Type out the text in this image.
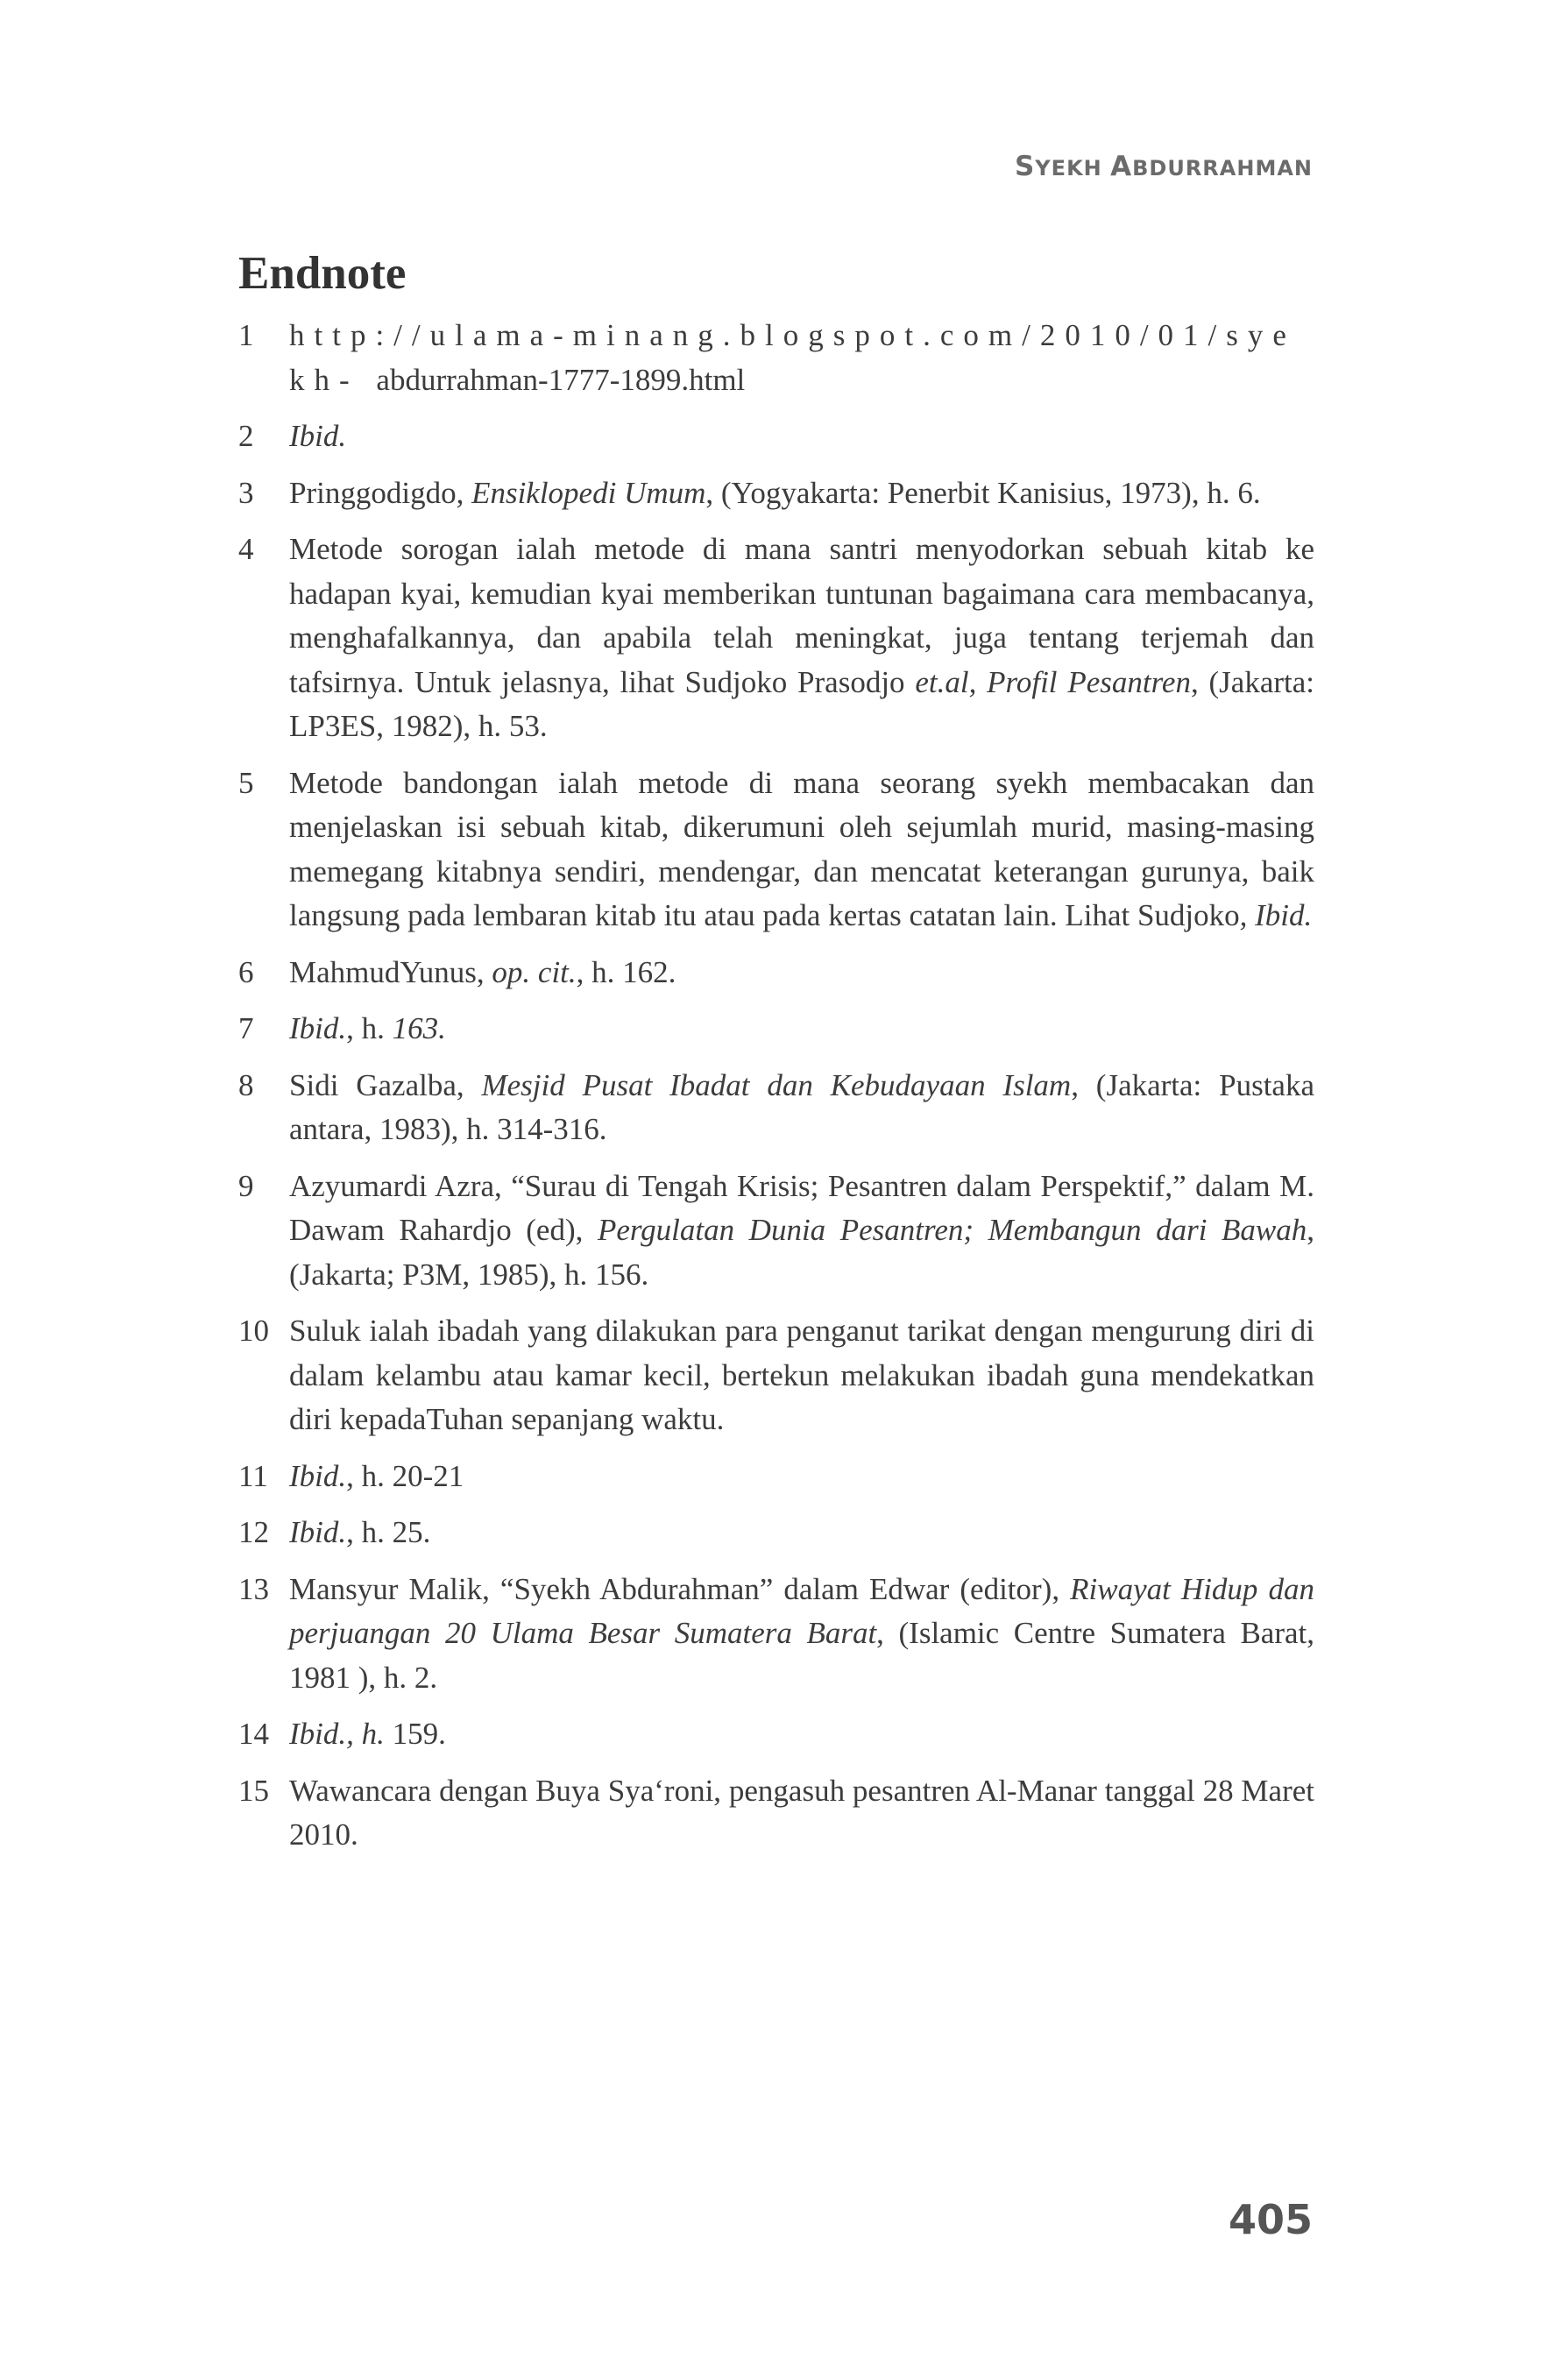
SYEKH ABDURRAHMAN
Endnote
1	http://ulama-minang.blogspot.com/2010/01/syekh- abdurrahman-1777-1899.html
2	Ibid.
3	Pringgodigdo, Ensiklopedi Umum, (Yogyakarta: Penerbit Kanisius, 1973), h. 6.
4	Metode sorogan ialah metode di mana santri menyodorkan sebuah kitab ke hadapan kyai, kemudian kyai memberikan tuntunan bagaimana cara membacanya, menghafalkannya, dan apabila telah meningkat, juga tentang terjemah dan tafsirnya. Untuk jelasnya, lihat Sudjoko Prasodjo et.al, Profil Pesantren, (Jakarta: LP3ES, 1982), h. 53.
5	Metode bandongan ialah metode di mana seorang syekh membacakan dan menjelaskan isi sebuah kitab, dikerumuni oleh sejumlah murid, masing-masing memegang kitabnya sendiri, mendengar, dan mencatat keterangan gurunya, baik langsung pada lembaran kitab itu atau pada kertas catatan lain. Lihat Sudjoko, Ibid.
6	MahmudYunus, op. cit., h. 162.
7	Ibid., h. 163.
8	Sidi Gazalba, Mesjid Pusat Ibadat dan Kebudayaan Islam, (Jakarta: Pustaka antara, 1983), h. 314-316.
9	Azyumardi Azra, “Surau di Tengah Krisis; Pesantren dalam Perspektif,” dalam M. Dawam Rahardjo (ed), Pergulatan Dunia Pesantren; Membangun dari Bawah, (Jakarta; P3M, 1985), h. 156.
10 Suluk ialah ibadah yang dilakukan para penganut tarikat dengan mengurung diri di dalam kelambu atau kamar kecil, bertekun melakukan ibadah guna mendekatkan diri kepadaTuhan sepanjang waktu.
11 Ibid., h. 20-21
12 Ibid., h. 25.
13 Mansyur Malik, “Syekh Abdurahman” dalam Edwar (editor), Riwayat Hidup dan perjuangan 20 Ulama Besar Sumatera Barat, (Islamic Centre Sumatera Barat, 1981 ), h. 2.
14 Ibid., h. 159.
15 Wawancara dengan Buya Sya‘roni, pengasuh pesantren Al-Manar tanggal 28 Maret 2010.
405
